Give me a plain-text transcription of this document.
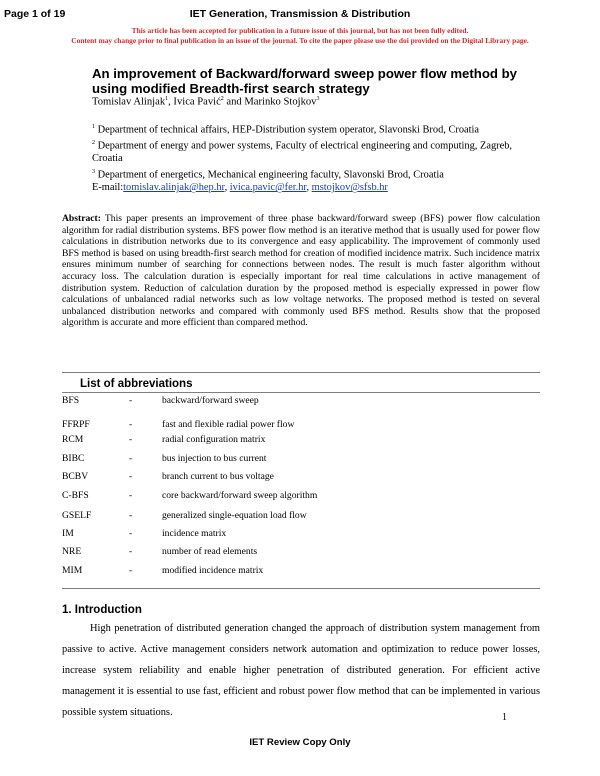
Page 1 of 19	IET Generation, Transmission & Distribution
This article has been accepted for publication in a future issue of this journal, but has not been fully edited.
Content may change prior to final publication in an issue of the journal. To cite the paper please use the doi provided on the Digital Library page.
An improvement of Backward/forward sweep power flow method by using modified Breadth-first search strategy
Tomislav Alinjak$^1$, Ivica Pavić$^2$ and Marinko Stojkov$^3$
$^1$ Department of technical affairs, HEP-Distribution system operator, Slavonski Brod, Croatia
$^2$ Department of energy and power systems, Faculty of electrical engineering and computing, Zagreb, Croatia
$^3$ Department of energetics, Mechanical engineering faculty, Slavonski Brod, Croatia
E-mail:tomislav.alinjak@hep.hr, ivica.pavic@fer.hr, mstojkov@sfsb.hr
Abstract: This paper presents an improvement of three phase backward/forward sweep (BFS) power flow calculation algorithm for radial distribution systems. BFS power flow method is an iterative method that is usually used for power flow calculations in distribution networks due to its convergence and easy applicability. The improvement of commonly used BFS method is based on using breadth-first search method for creation of modified incidence matrix. Such incidence matrix ensures minimum number of searching for connections between nodes. The result is much faster algorithm without accuracy loss. The calculation duration is especially important for real time calculations in active management of distribution system. Reduction of calculation duration by the proposed method is especially expressed in power flow calculations of unbalanced radial networks such as low voltage networks. The proposed method is tested on several unbalanced distribution networks and compared with commonly used BFS method. Results show that the proposed algorithm is accurate and more efficient than compared method.
List of abbreviations
BFS	-	backward/forward sweep
FFRPF	-	fast and flexible radial power flow
RCM	-	radial configuration matrix
BIBC	-	bus injection to bus current
BCBV	-	branch current to bus voltage
C-BFS	-	core backward/forward sweep algorithm
GSELF	-	generalized single-equation load flow
IM	-	incidence matrix
NRE	-	number of read elements
MIM	-	modified incidence matrix
1. Introduction
High penetration of distributed generation changed the approach of distribution system management from passive to active. Active management considers network automation and optimization to reduce power losses, increase system reliability and enable higher penetration of distributed generation. For efficient active management it is essential to use fast, efficient and robust power flow method that can be implemented in various possible system situations.	1
IET Review Copy Only
